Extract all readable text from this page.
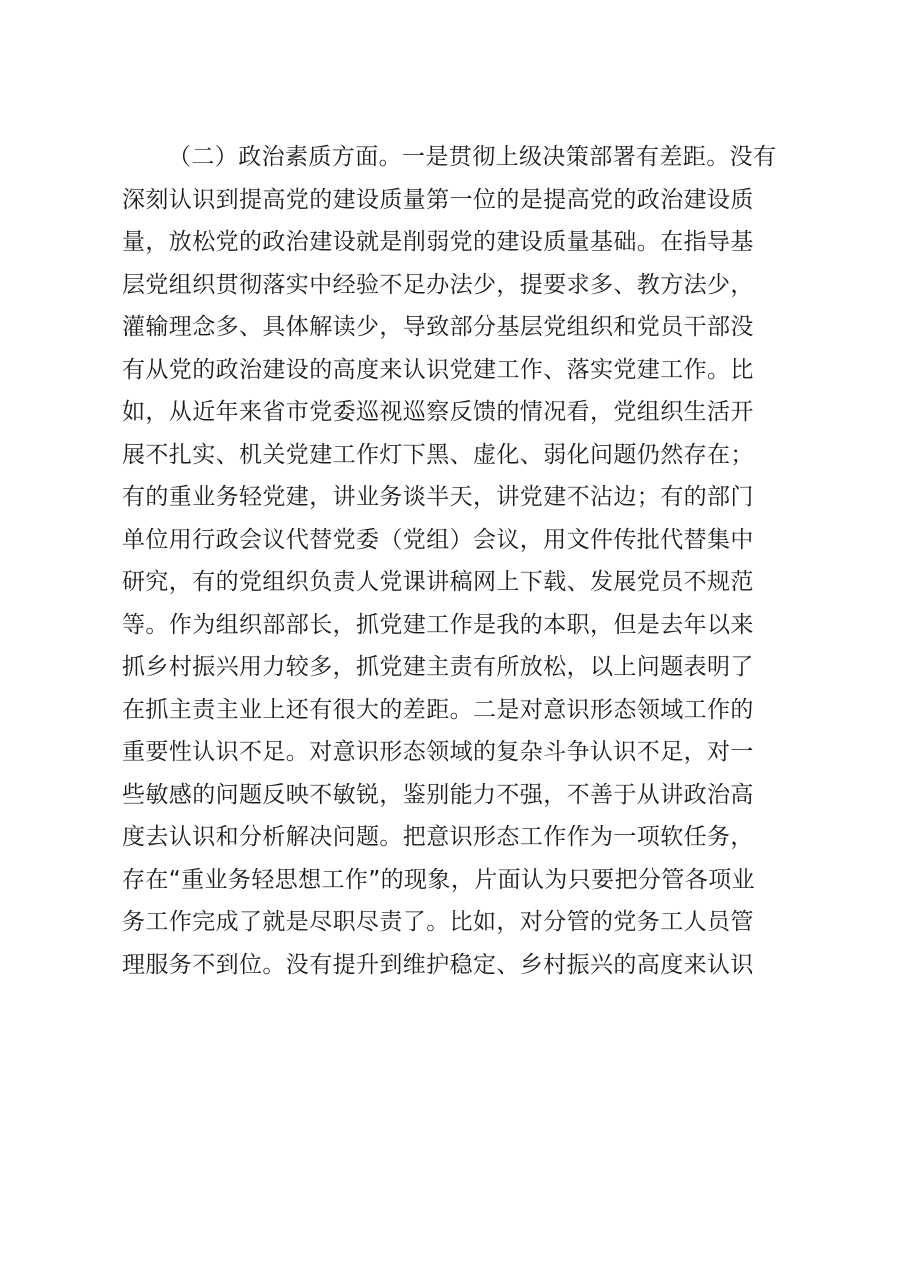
（二）政治素质方面。一是贯彻上级决策部署有差距。没有
深刻认识到提高党的建设质量第一位的是提高党的政治建设质
量，放松党的政治建设就是削弱党的建设质量基础。在指导基
层党组织贯彻落实中经验不足办法少，提要求多、教方法少，
灌输理念多、具体解读少，导致部分基层党组织和党员干部没
有从党的政治建设的高度来认识党建工作、落实党建工作。比
如，从近年来省市党委巡视巡察反馈的情况看，党组织生活开
展不扎实、机关党建工作灯下黑、虚化、弱化问题仍然存在；
有的重业务轻党建，讲业务谈半天，讲党建不沾边；有的部门
单位用行政会议代替党委（党组）会议，用文件传批代替集中
研究，有的党组织负责人党课讲稿网上下载、发展党员不规范
等。作为组织部部长，抓党建工作是我的本职，但是去年以来
抓乡村振兴用力较多，抓党建主责有所放松，以上问题表明了
在抓主责主业上还有很大的差距。二是对意识形态领域工作的
重要性认识不足。对意识形态领域的复杂斗争认识不足，对一
些敏感的问题反映不敏锐，鉴别能力不强，不善于从讲政治高
度去认识和分析解决问题。把意识形态工作作为一项软任务，
存在“重业务轻思想工作”的现象，片面认为只要把分管各项业
务工作完成了就是尽职尽责了。比如，对分管的党务工人员管
理服务不到位。没有提升到维护稳定、乡村振兴的高度来认识
